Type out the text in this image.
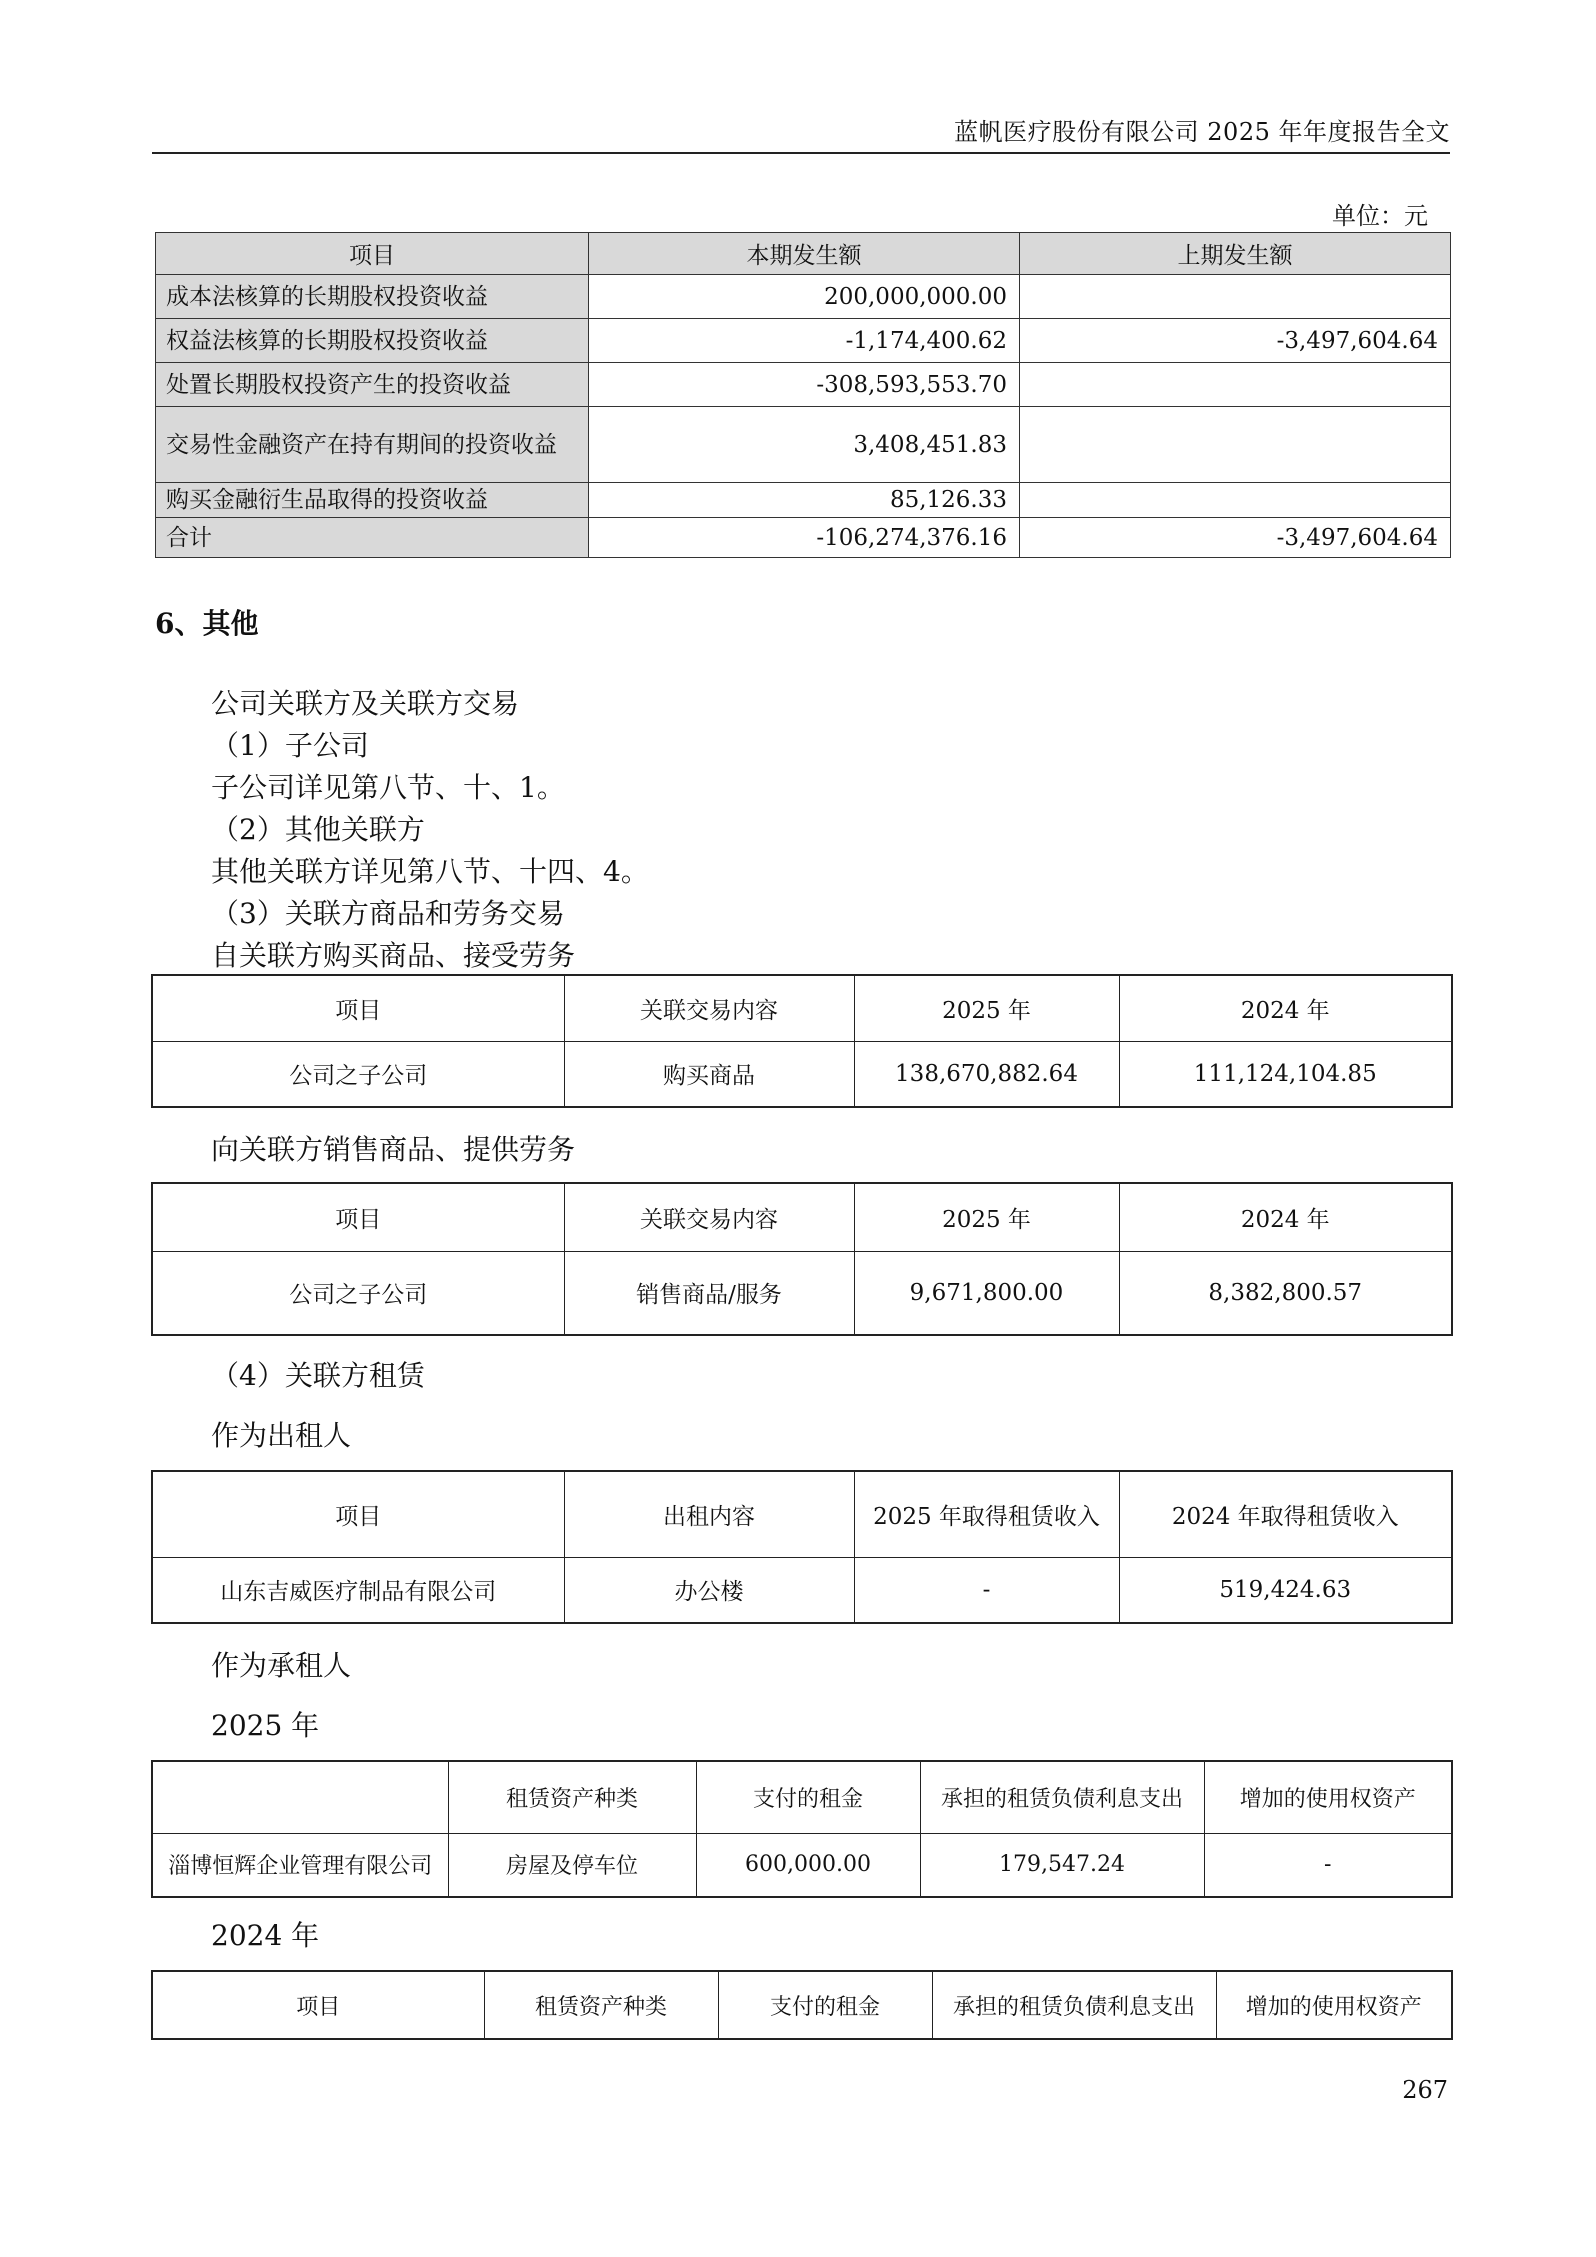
蓝帆医疗股份有限公司 2025 年年度报告全文
单位：元
项目	本期发生额	上期发生额
成本法核算的长期股权投资收益	200,000,000.00	
权益法核算的长期股权投资收益	-1,174,400.62	-3,497,604.64
处置长期股权投资产生的投资收益	-308,593,553.70	
交易性金融资产在持有期间的投资收益	3,408,451.83	
购买金融衍生品取得的投资收益	85,126.33	
合计	-106,274,376.16	-3,497,604.64
6、其他
公司关联方及关联方交易
（1）子公司
子公司详见第八节、十、1。
（2）其他关联方
其他关联方详见第八节、十四、4。
（3）关联方商品和劳务交易
自关联方购买商品、接受劳务
项目	关联交易内容	2025 年	2024 年
公司之子公司	购买商品	138,670,882.64	111,124,104.85
向关联方销售商品、提供劳务
项目	关联交易内容	2025 年	2024 年
公司之子公司	销售商品/服务	9,671,800.00	8,382,800.57
（4）关联方租赁
作为出租人
项目	出租内容	2025 年取得租赁收入	2024 年取得租赁收入
山东吉威医疗制品有限公司	办公楼	-	519,424.63
作为承租人
2025 年
	租赁资产种类	支付的租金	承担的租赁负债利息支出	增加的使用权资产
淄博恒辉企业管理有限公司	房屋及停车位	600,000.00	179,547.24	-
2024 年
项目	租赁资产种类	支付的租金	承担的租赁负债利息支出	增加的使用权资产
267
